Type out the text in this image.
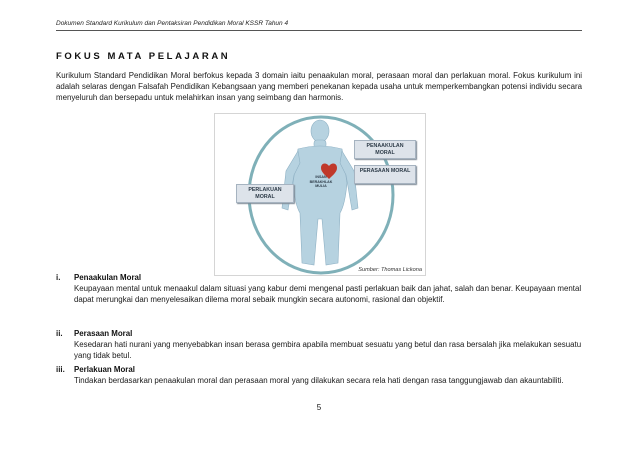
Dokumen Standard Kurikulum dan Pentaksiran Pendidikan Moral KSSR Tahun 4
FOKUS MATA PELAJARAN

Kurikulum Standard Pendidikan Moral berfokus kepada 3 domain iaitu penaakulan moral, perasaan moral dan perlakuan moral. Fokus kurikulum ini adalah selaras dengan Falsafah Pendidikan Kebangsaan yang memberi penekanan kepada usaha untuk memperkembangkan potensi individu secara menyeluruh dan bersepadu untuk melahirkan insan yang seimbang dan harmonis.

PENAAKULAN MORAL
PERASAAN MORAL
PERLAKUAN MORAL
INSAN BERAKHLAK MULIA
Sumber: Thomas Lickona
i. Penaakulan Moral

Keupayaan mental untuk menaakul dalam situasi yang kabur demi mengenal pasti perlakuan baik dan jahat, salah dan benar. Keupayaan mental dapat merungkai dan menyelesaikan dilema moral sebaik mungkin secara autonomi, rasional dan objektif.

ii. Perasaan Moral

Kesedaran hati nurani yang menyebabkan insan berasa gembira apabila membuat sesuatu yang betul dan rasa bersalah jika melakukan sesuatu yang tidak betul.

iii. Perlakuan Moral

Tindakan berdasarkan penaakulan moral dan perasaan moral yang dilakukan secara rela hati dengan rasa tanggungjawab dan akauntabiliti.

5
